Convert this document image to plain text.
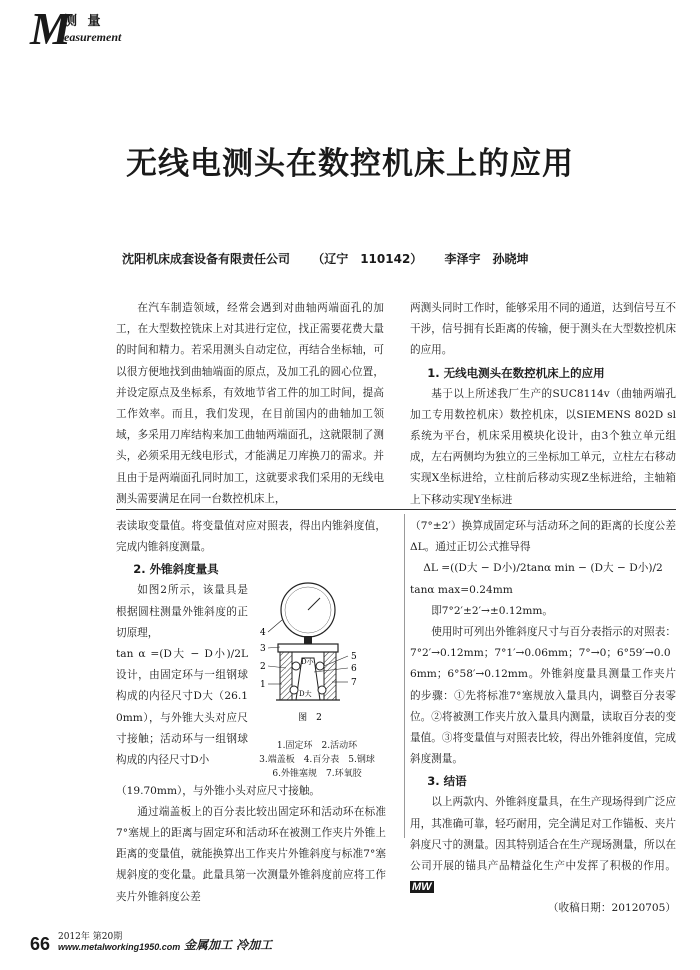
M
测 量
easurement
无线电测头在数控机床上的应用
沈阳机床成套设备有限责任公司 （辽宁　110142） 李泽宇　孙晓坤

在汽车制造领域，经常会遇到对曲轴两端面孔的加工，在大型数控铣床上对其进行定位，找正需要花费大量的时间和精力。若采用测头自动定位，再结合坐标轴，可以很方便地找到曲轴端面的原点，及加工孔的圆心位置，并设定原点及坐标系，有效地节省工件的加工时间，提高工作效率。而且，我们发现，在目前国内的曲轴加工领域，多采用刀库结构来加工曲轴两端面孔，这就限制了测头，必须采用无线电形式，才能满足刀库换刀的需求。并且由于是两端面孔同时加工，这就要求我们采用的无线电测头需要满足在同一台数控机床上，

两测头同时工作时，能够采用不同的通道，达到信号互不干涉，信号拥有长距离的传输，便于测头在大型数控机床的应用。

1. 无线电测头在数控机床上的应用

基于以上所述我厂生产的SUC8114v（曲轴两端孔加工专用数控机床）数控机床，以SIEMENS 802D sl系统为平台，机床采用模块化设计，由3个独立单元组成，左右两侧均为独立的三坐标加工单元，立柱左右移动实现X坐标进给，立柱前后移动实现Z坐标进给，主轴箱上下移动实现Y坐标进

表读取变量值。将变量值对应对照表，得出内锥斜度值，完成内锥斜度测量。

2. 外锥斜度量具

如图2所示，该量具是根据圆柱测量外锥斜度的正切原理，

tan α =(D大 − D小)/2L 设计，由固定环与一组钢球构成的内径尺寸D大（26.10mm），与外锥大头对应尺寸接触；活动环与一组钢球构成的内径尺寸D小

4
3
2
1
5
6
7
D小
D大
图　2
1.固定环　2.活动环
3.端盖板　4.百分表　5.钢球
6.外锥塞规　7.环氧胶

（19.70mm），与外锥小头对应尺寸接触。

通过端盖板上的百分表比较出固定环和活动环在标准7°塞规上的距离与固定环和活动环在被测工作夹片外锥上距离的变量值，就能换算出工作夹片外锥斜度与标准7°塞规斜度的变化量。此量具第一次测量外锥斜度前应将工作夹片外锥斜度公差

（7°±2′）换算成固定环与活动环之间的距离的长度公差ΔL。通过正切公式推导得

ΔL =((D大 − D小)/2tanα min − (D大 − D小)/2

tanα max=0.24mm

即7°2′±2′→±0.12mm。

使用时可列出外锥斜度尺寸与百分表指示的对照表：7°2′→0.12mm；7°1′→0.06mm；7°→0；6°59′→0.06mm；6°58′→0.12mm。外锥斜度量具测量工作夹片的步骤：①先将标准7°塞规放入量具内，调整百分表零位。②将被测工作夹片放入量具内测量，读取百分表的变量值。③将变量值与对照表比较，得出外锥斜度值，完成斜度测量。

3. 结语

以上两款内、外锥斜度量具，在生产现场得到广泛应用，其准确可靠，轻巧耐用，完全满足对工作锚板、夹片斜度尺寸的测量。因其特别适合在生产现场测量，所以在公司开展的锚具产品精益化生产中发挥了积极的作用。 MW

（收稿日期：20120705）

66 2012年 第20期
www.metalworking1950.com 金属加工 冷加工
